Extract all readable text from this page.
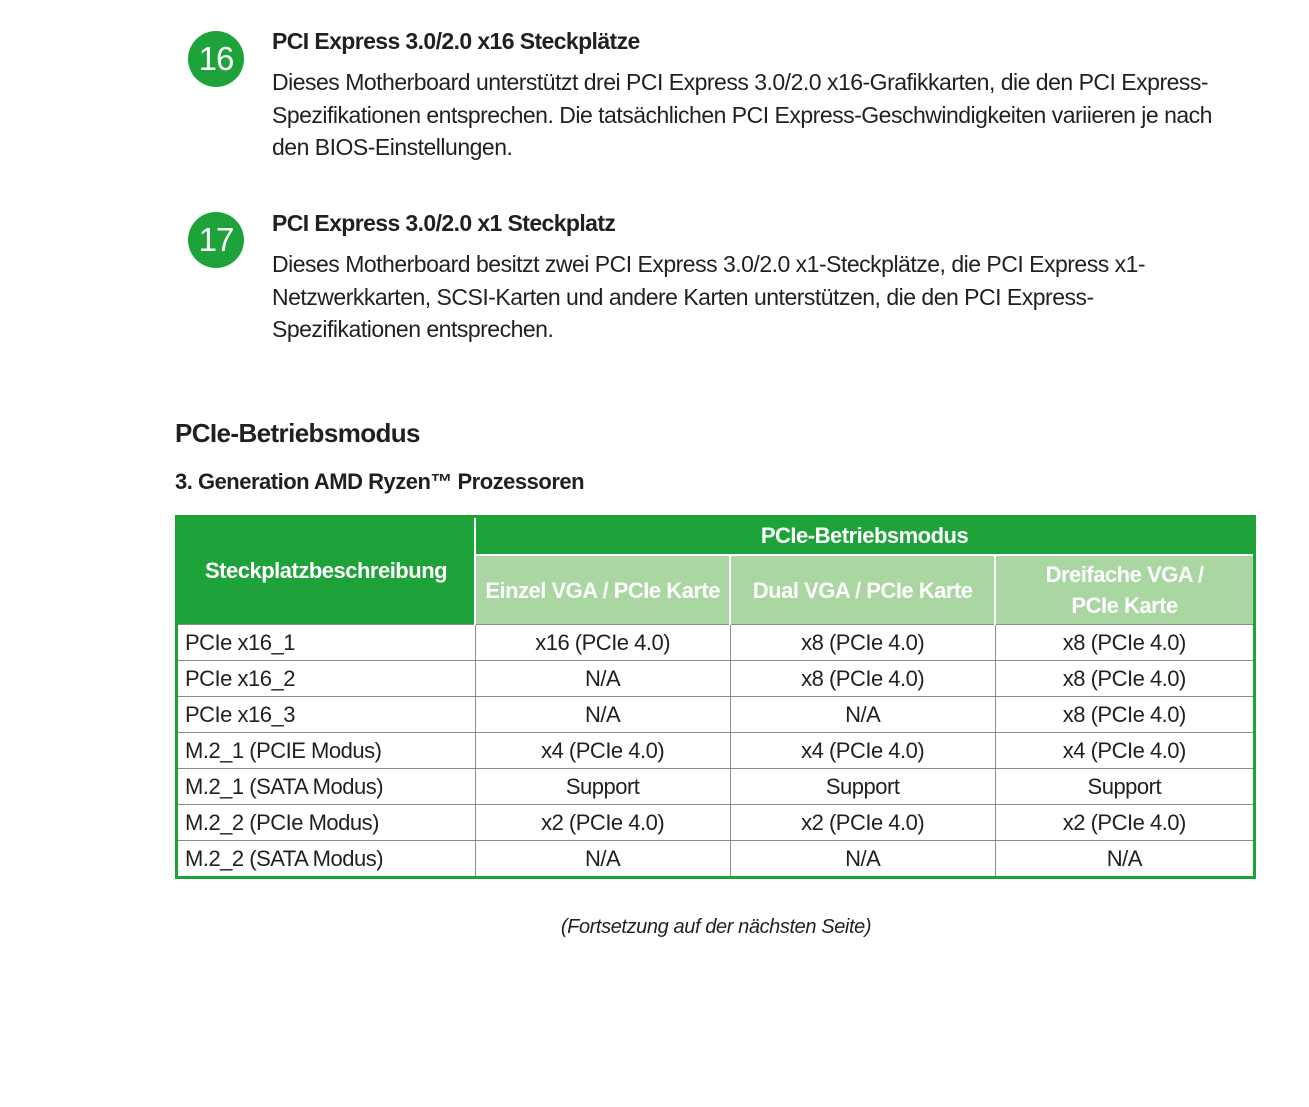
16	PCI Express 3.0/2.0 x16 Steckplätze

Dieses Motherboard unterstützt drei PCI Express 3.0/2.0 x16-Grafikkarten, die den PCI Express-Spezifikationen entsprechen. Die tatsächlichen PCI Express-Geschwindigkeiten variieren je nach den BIOS-Einstellungen.

17	PCI Express 3.0/2.0 x1 Steckplatz

Dieses Motherboard besitzt zwei PCI Express 3.0/2.0 x1-Steckplätze, die PCI Express x1-Netzwerkkarten, SCSI-Karten und andere Karten unterstützen, die den PCI Express-Spezifikationen entsprechen.

PCIe-Betriebsmodus
3. Generation AMD Ryzen™ Prozessoren
Steckplatzbeschreibung	PCIe-Betriebsmodus		
	Einzel VGA / PCIe Karte	Dual VGA / PCIe Karte	Dreifache VGA / PCIe Karte
PCIe x16_1	x16 (PCIe 4.0)	x8 (PCIe 4.0)	x8 (PCIe 4.0)
PCIe x16_2	N/A	x8 (PCIe 4.0)	x8 (PCIe 4.0)
PCIe x16_3	N/A	N/A	x8 (PCIe 4.0)
M.2_1 (PCIE Modus)	x4 (PCIe 4.0)	x4 (PCIe 4.0)	x4 (PCIe 4.0)
M.2_1 (SATA Modus)	Support	Support	Support
M.2_2 (PCIe Modus)	x2 (PCIe 4.0)	x2 (PCIe 4.0)	x2 (PCIe 4.0)
M.2_2 (SATA Modus)	N/A	N/A	N/A
(Fortsetzung auf der nächsten Seite)
